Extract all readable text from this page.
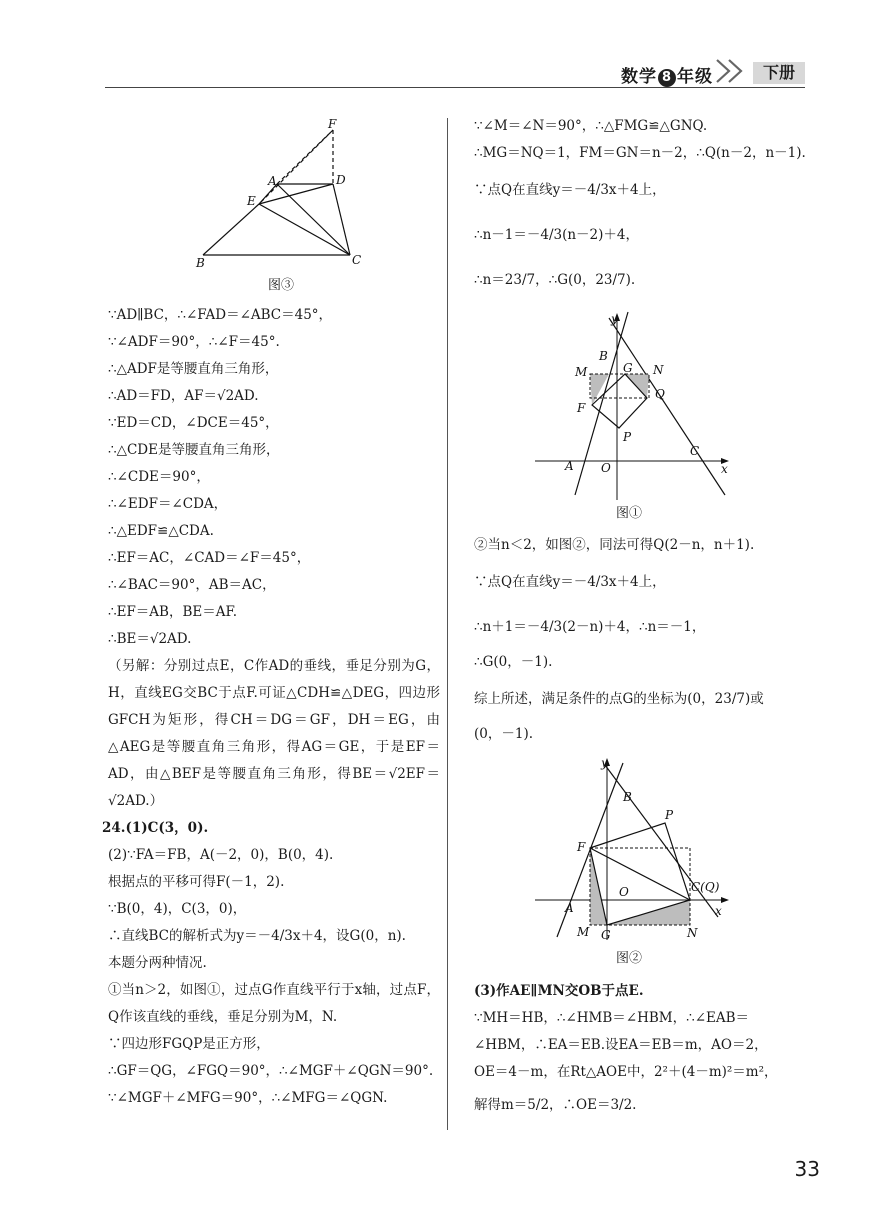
数学 8 年级	下册
F
A	D
E
B	C
图③
∵AD∥BC，∴∠FAD＝∠ABC＝45°，
∵∠ADF＝90°，∴∠F＝45°.
∴△ADF是等腰直角三角形，
∴AD＝FD，AF＝√2AD.
∵ED＝CD，∠DCE＝45°，
∴△CDE是等腰直角三角形，
∴∠CDE＝90°，
∴∠EDF＝∠CDA，
∴△EDF≌△CDA.
∴EF＝AC，∠CAD＝∠F＝45°，
∴∠BAC＝90°，AB＝AC，
∴EF＝AB，BE＝AF.
∴BE＝√2AD.
（另解：分别过点E，C作AD的垂线，垂足分别为G，H，直线EG交BC于点F.可证△CDH≌△DEG，四边形GFCH为矩形，得CH＝DG＝GF，DH＝EG，由△AEG是等腰直角三角形，得AG＝GE，于是EF＝AD，由△BEF是等腰直角三角形，得BE＝√2EF＝√2AD.）
24.(1)C(3，0).
(2)∵FA＝FB，A(－2，0)，B(0，4).
根据点的平移可得F(－1，2).
∵B(0，4)，C(3，0)，
∴直线BC的解析式为y＝－4/3x＋4，设G(0，n).
本题分两种情况.
①当n＞2，如图①，过点G作直线平行于x轴，过点F，Q作该直线的垂线，垂足分别为M，N.
∵四边形FGQP是正方形，
∴GF＝QG，∠FGQ＝90°，∴∠MGF＋∠QGN＝90°.
∵∠MGF＋∠MFG＝90°，∴∠MFG＝∠QGN.
∵∠M＝∠N＝90°，∴△FMG≌△GNQ.
∴MG＝NQ＝1，FM＝GN＝n－2，∴Q(n－2，n－1).
∵点Q在直线y＝－4/3x＋4上，
∴n－1＝－4/3(n－2)＋4，
∴n＝23/7，∴G(0，23/7).
y
B
G N
M
Q
F
P
C
A O	x
图①
②当n＜2，如图②，同法可得Q(2－n，n＋1).
∵点Q在直线y＝－4/3x＋4上，
∴n＋1＝－4/3(2－n)＋4，∴n＝－1，
∴G(0，－1).
综上所述，满足条件的点G的坐标为(0，23/7)或
(0，－1).
y
B
P
F
O	C(Q)
A	x
M G	N
图②
(3)作AE∥MN交OB于点E.
∵MH＝HB，∴∠HMB＝∠HBM，∴∠EAB＝
∠HBM，∴EA＝EB.设EA＝EB＝m，AO＝2，
OE＝4－m，在Rt△AOE中，2²＋(4－m)²＝m²，
解得m＝5/2，∴OE＝3/2.
33
